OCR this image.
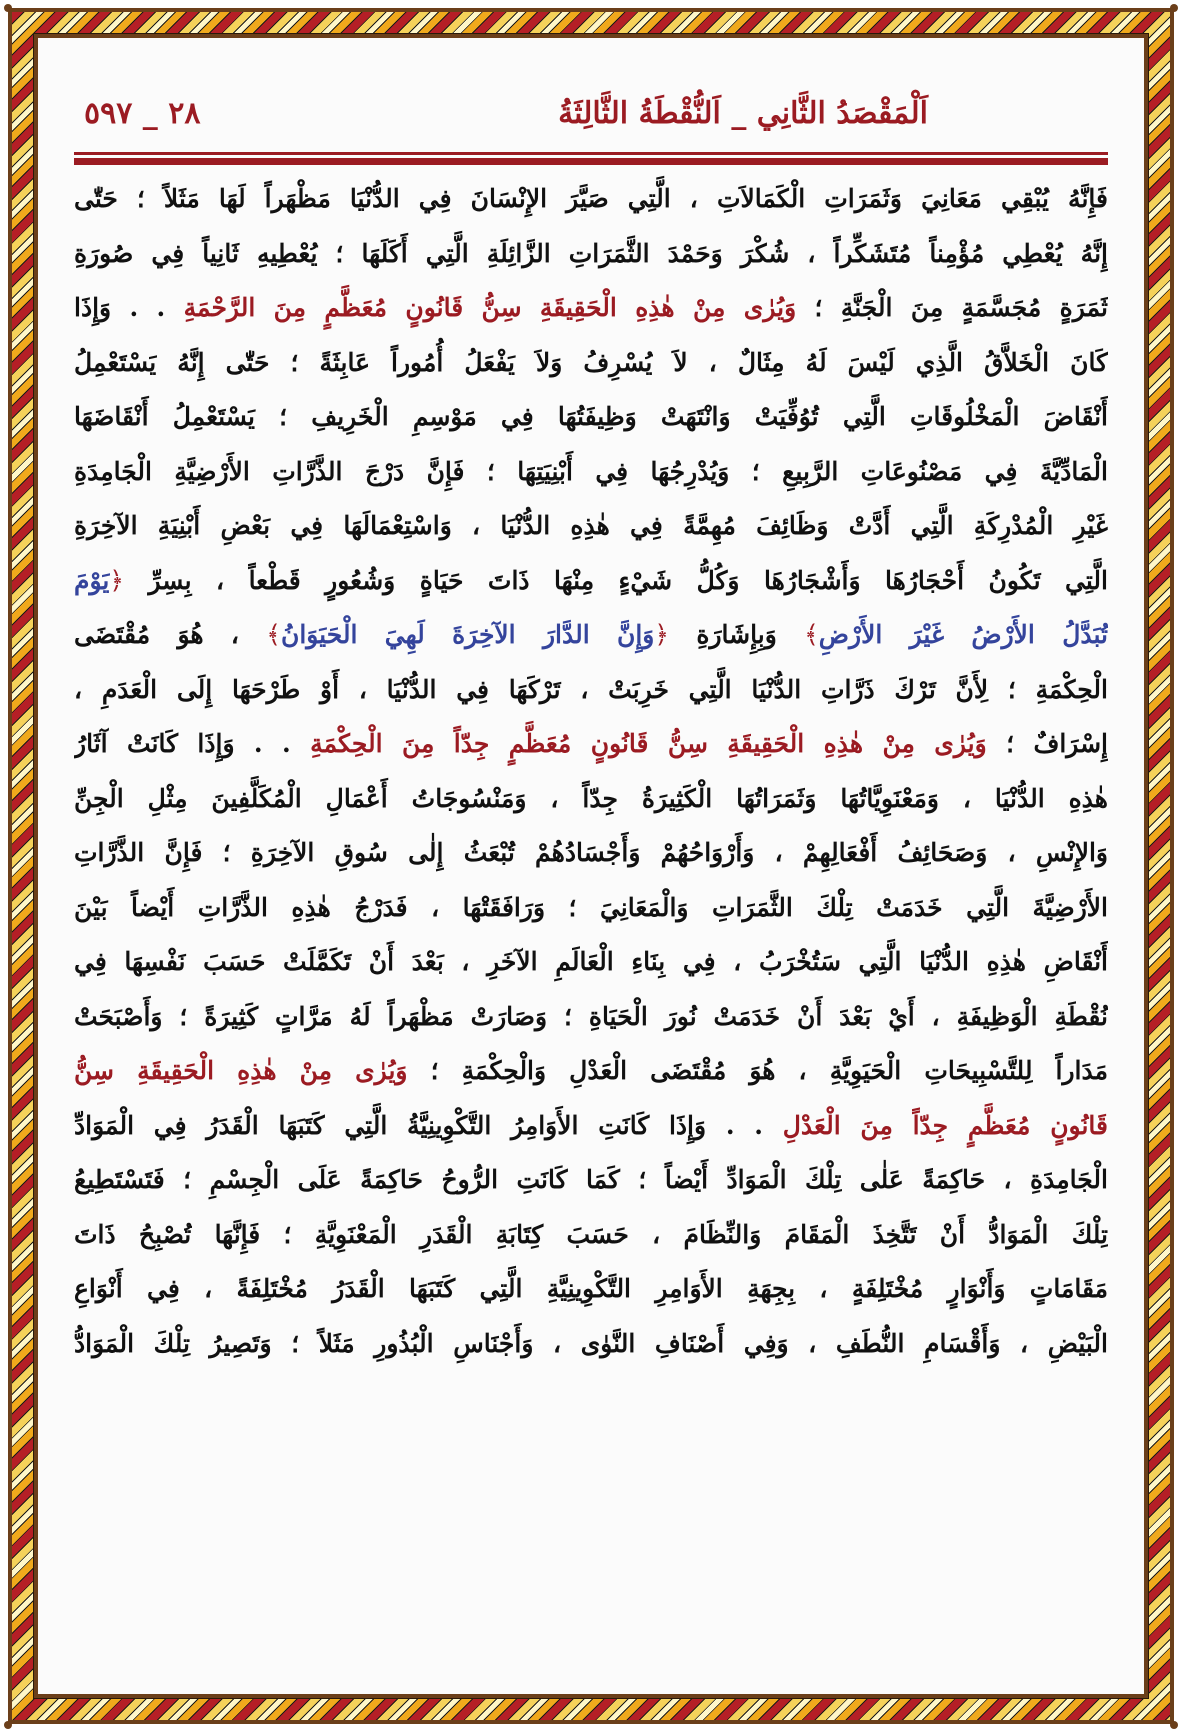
اَلْمَقْصَدُ الثَّانِي _ اَلنُّقْطَةُ الثَّالِثَةُ
٢٨ _ ٥٩٧
فَإِنَّهُ يُبْقِي مَعَانِيَ وَثَمَرَاتِ الْكَمَالاَتِ ، الَّتِي صَيَّرَ الإِنْسَانَ فِي الدُّنْيَا مَظْهَراً لَهَا مَثَلاً ؛ حَتّٰى
إِنَّهُ يُعْطِي مُؤْمِناً مُتَشَكِّراً ، شُكْرَ وَحَمْدَ الثَّمَرَاتِ الزَّائِلَةِ الَّتِي أَكَلَهَا ؛ يُعْطِيهِ ثَانِياً فِي صُورَةِ
ثَمَرَةٍ مُجَسَّمَةٍ مِنَ الْجَنَّةِ ؛ وَيُرٰى مِنْ هٰذِهِ الْحَقِيقَةِ سِنُّ قَانُونٍ مُعَظَّمٍ مِنَ الرَّحْمَةِ . . وَإِذَا
كَانَ الْخَلاَّقُ الَّذِي لَيْسَ لَهُ مِثَالٌ ، لاَ يُسْرِفُ وَلاَ يَفْعَلُ أُمُوراً عَابِثَةً ؛ حَتّٰى إِنَّهُ يَسْتَعْمِلُ
أَنْقَاضَ الْمَخْلُوقَاتِ الَّتِي تُوُفِّيَتْ وَانْتَهَتْ وَظِيفَتُهَا فِي مَوْسِمِ الْخَرِيفِ ؛ يَسْتَعْمِلُ أَنْقَاضَهَا
الْمَادِّيَّةَ فِي مَصْنُوعَاتِ الرَّبِيعِ ؛ وَيُدْرِجُهَا فِي أَبْنِيَتِهَا ؛ فَإِنَّ دَرْجَ الذَّرَّاتِ الأَرْضِيَّةِ الْجَامِدَةِ
غَيْرِ الْمُدْرِكَةِ الَّتِي أَدَّتْ وَظَائِفَ مُهِمَّةً فِي هٰذِهِ الدُّنْيَا ، وَاسْتِعْمَالَهَا فِي بَعْضِ أَبْنِيَةِ الآخِرَةِ
الَّتِي تَكُونُ أَحْجَارُهَا وَأَشْجَارُهَا وَكُلُّ شَيْءٍ مِنْهَا ذَاتَ حَيَاةٍ وَشُعُورٍ قَطْعاً ، بِسِرِّ ﴿يَوْمَ
تُبَدَّلُ الأَرْضُ غَيْرَ الأَرْضِ﴾ وَبِإِشَارَةِ ﴿وَإِنَّ الدَّارَ الآخِرَةَ لَهِيَ الْحَيَوَانُ﴾ ، هُوَ مُقْتَضَى
الْحِكْمَةِ ؛ لِأَنَّ تَرْكَ ذَرَّاتِ الدُّنْيَا الَّتِي خَرِبَتْ ، تَرْكَهَا فِي الدُّنْيَا ، أَوْ طَرْحَهَا إِلَى الْعَدَمِ ،
إِسْرَافٌ ؛ وَيُرٰى مِنْ هٰذِهِ الْحَقِيقَةِ سِنُّ قَانُونٍ مُعَظَّمٍ جِدّاً مِنَ الْحِكْمَةِ . . وَإِذَا كَانَتْ آثَارُ
هٰذِهِ الدُّنْيَا ، وَمَعْنَوِيَّاتُهَا وَثَمَرَاتُهَا الْكَثِيرَةُ جِدّاً ، وَمَنْسُوجَاتُ أَعْمَالِ الْمُكَلَّفِينَ مِثْلِ الْجِنِّ
وَالإِنْسِ ، وَصَحَائِفُ أَفْعَالِهِمْ ، وَأَرْوَاحُهُمْ وَأَجْسَادُهُمْ تُبْعَثُ إِلٰى سُوقِ الآخِرَةِ ؛ فَإِنَّ الذَّرَّاتِ
الأَرْضِيَّةَ الَّتِي خَدَمَتْ تِلْكَ الثَّمَرَاتِ وَالْمَعَانِيَ ؛ وَرَافَقَتْهَا ، فَدَرْجُ هٰذِهِ الذَّرَّاتِ أَيْضاً بَيْنَ
أَنْقَاضِ هٰذِهِ الدُّنْيَا الَّتِي سَتُخْرَبُ ، فِي بِنَاءِ الْعَالَمِ الآخَرِ ، بَعْدَ أَنْ تَكَمَّلَتْ حَسَبَ نَفْسِهَا فِي
نُقْطَةِ الْوَظِيفَةِ ، أَيْ بَعْدَ أَنْ خَدَمَتْ نُورَ الْحَيَاةِ ؛ وَصَارَتْ مَظْهَراً لَهُ مَرَّاتٍ كَثِيرَةً ؛ وَأَصْبَحَتْ
مَدَاراً لِلتَّسْبِيحَاتِ الْحَيَوِيَّةِ ، هُوَ مُقْتَضَى الْعَدْلِ وَالْحِكْمَةِ ؛ وَيُرٰى مِنْ هٰذِهِ الْحَقِيقَةِ سِنُّ
قَانُونٍ مُعَظَّمٍ جِدّاً مِنَ الْعَدْلِ . . وَإِذَا كَانَتِ الأَوَامِرُ التَّكْوِينِيَّةُ الَّتِي كَتَبَهَا الْقَدَرُ فِي الْمَوَادِّ
الْجَامِدَةِ ، حَاكِمَةً عَلٰى تِلْكَ الْمَوَادِّ أَيْضاً ؛ كَمَا كَانَتِ الرُّوحُ حَاكِمَةً عَلَى الْجِسْمِ ؛ فَتَسْتَطِيعُ
تِلْكَ الْمَوَادُّ أَنْ تَتَّخِذَ الْمَقَامَ وَالنِّظَامَ ، حَسَبَ كِتَابَةِ الْقَدَرِ الْمَعْنَوِيَّةِ ؛ فَإِنَّهَا تُصْبِحُ ذَاتَ
مَقَامَاتٍ وَأَنْوَارٍ مُخْتَلِفَةٍ ، بِجِهَةِ الأَوَامِرِ التَّكْوِينِيَّةِ الَّتِي كَتَبَهَا الْقَدَرُ مُخْتَلِفَةً ، فِي أَنْوَاعِ
الْبَيْضِ ، وَأَقْسَامِ النُّطَفِ ، وَفِي أَصْنَافِ النَّوٰى ، وَأَجْنَاسِ الْبُذُورِ مَثَلاً ؛ وَتَصِيرُ تِلْكَ الْمَوَادُّ
